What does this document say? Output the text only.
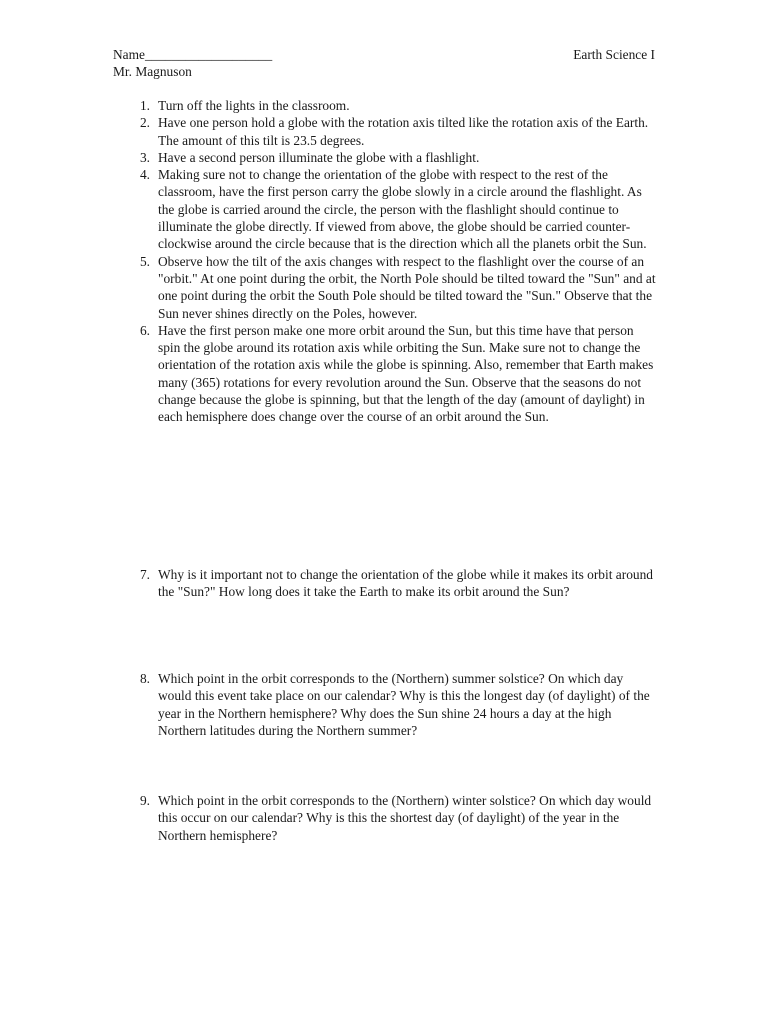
Name___________________
Mr. Magnuson
Earth Science I
1. Turn off the lights in the classroom.
2. Have one person hold a globe with the rotation axis tilted like the rotation axis of the Earth. The amount of this tilt is 23.5 degrees.
3. Have a second person illuminate the globe with a flashlight.
4. Making sure not to change the orientation of the globe with respect to the rest of the classroom, have the first person carry the globe slowly in a circle around the flashlight. As the globe is carried around the circle, the person with the flashlight should continue to illuminate the globe directly. If viewed from above, the globe should be carried counter-clockwise around the circle because that is the direction which all the planets orbit the Sun.
5. Observe how the tilt of the axis changes with respect to the flashlight over the course of an "orbit." At one point during the orbit, the North Pole should be tilted toward the "Sun" and at one point during the orbit the South Pole should be tilted toward the "Sun." Observe that the Sun never shines directly on the Poles, however.
6. Have the first person make one more orbit around the Sun, but this time have that person spin the globe around its rotation axis while orbiting the Sun. Make sure not to change the orientation of the rotation axis while the globe is spinning. Also, remember that Earth makes many (365) rotations for every revolution around the Sun. Observe that the seasons do not change because the globe is spinning, but that the length of the day (amount of daylight) in each hemisphere does change over the course of an orbit around the Sun.
7. Why is it important not to change the orientation of the globe while it makes its orbit around the "Sun?" How long does it take the Earth to make its orbit around the Sun?
8. Which point in the orbit corresponds to the (Northern) summer solstice? On which day would this event take place on our calendar? Why is this the longest day (of daylight) of the year in the Northern hemisphere? Why does the Sun shine 24 hours a day at the high Northern latitudes during the Northern summer?
9. Which point in the orbit corresponds to the (Northern) winter solstice? On which day would this occur on our calendar? Why is this the shortest day (of daylight) of the year in the Northern hemisphere?
